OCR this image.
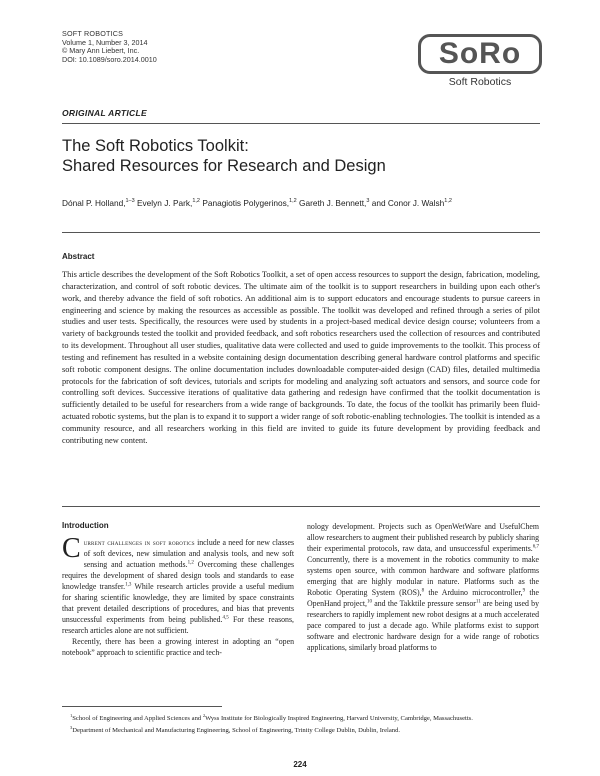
SOFT ROBOTICS
Volume 1, Number 3, 2014
© Mary Ann Liebert, Inc.
DOI: 10.1089/soro.2014.0010	SoRo
Soft Robotics
ORIGINAL ARTICLE
The Soft Robotics Toolkit:
Shared Resources for Research and Design
Dónal P. Holland,$^{1-3}$ Evelyn J. Park,$^{1,2}$ Panagiotis Polygerinos,$^{1,2}$ Gareth J. Bennett,$^3$ and Conor J. Walsh$^{1,2}$
Abstract
This article describes the development of the Soft Robotics Toolkit, a set of open access resources to support the design, fabrication, modeling, characterization, and control of soft robotic devices. The ultimate aim of the toolkit is to support researchers in building upon each other's work, and thereby advance the field of soft robotics. An additional aim is to support educators and encourage students to pursue careers in engineering and science by making the resources as accessible as possible. The toolkit was developed and refined through a series of pilot studies and user tests. Specifically, the resources were used by students in a project-based medical device design course; volunteers from a variety of backgrounds tested the toolkit and provided feedback, and soft robotics researchers used the collection of resources and contributed to its development. Throughout all user studies, qualitative data were collected and used to guide improvements to the toolkit. This process of testing and refinement has resulted in a website containing design documentation describing general hardware control platforms and specific soft robotic component designs. The online documentation includes downloadable computer-aided design (CAD) files, detailed multimedia protocols for the fabrication of soft devices, tutorials and scripts for modeling and analyzing soft actuators and sensors, and source code for controlling soft devices. Successive iterations of qualitative data gathering and redesign have confirmed that the toolkit documentation is sufficiently detailed to be useful for researchers from a wide range of backgrounds. To date, the focus of the toolkit has primarily been fluid-actuated robotic systems, but the plan is to expand it to support a wider range of soft robotic-enabling technologies. The toolkit is intended as a community resource, and all researchers working in this field are invited to guide its future development by providing feedback and contributing new content.
Introduction

Current challenges in soft robotics include a need for new classes of soft devices, new simulation and analysis tools, and new soft sensing and actuation methods.$^{1,2}$ Overcoming these challenges requires the development of shared design tools and standards to ease knowledge transfer.$^{1,3}$ While research articles provide a useful medium for sharing scientific knowledge, they are limited by space constraints that prevent detailed descriptions of procedures, and bias that prevents unsuccessful experiments from being published.$^{4,5}$ For these reasons, research articles alone are not sufficient.

Recently, there has been a growing interest in adopting an “open notebook” approach to scientific practice and tech-

nology development. Projects such as OpenWetWare and UsefulChem allow researchers to augment their published research by publicly sharing their experimental protocols, raw data, and unsuccessful experiments.$^{6,7}$ Concurrently, there is a movement in the robotics community to make systems open source, with common hardware and software platforms emerging that are highly modular in nature. Platforms such as the Robotic Operating System (ROS),$^8$ the Arduino microcontroller,$^9$ the OpenHand project,$^{10}$ and the Takktile pressure sensor$^{11}$ are being used by researchers to rapidly implement new robot designs at a much accelerated pace compared to just a decade ago. While platforms exist to support software and electronic hardware design for a wide range of robotics applications, similarly broad platforms to

$^1$School of Engineering and Applied Sciences and $^2$Wyss Institute for Biologically Inspired Engineering, Harvard University, Cambridge, Massachusetts.

$^3$Department of Mechanical and Manufacturing Engineering, School of Engineering, Trinity College Dublin, Dublin, Ireland.

224
